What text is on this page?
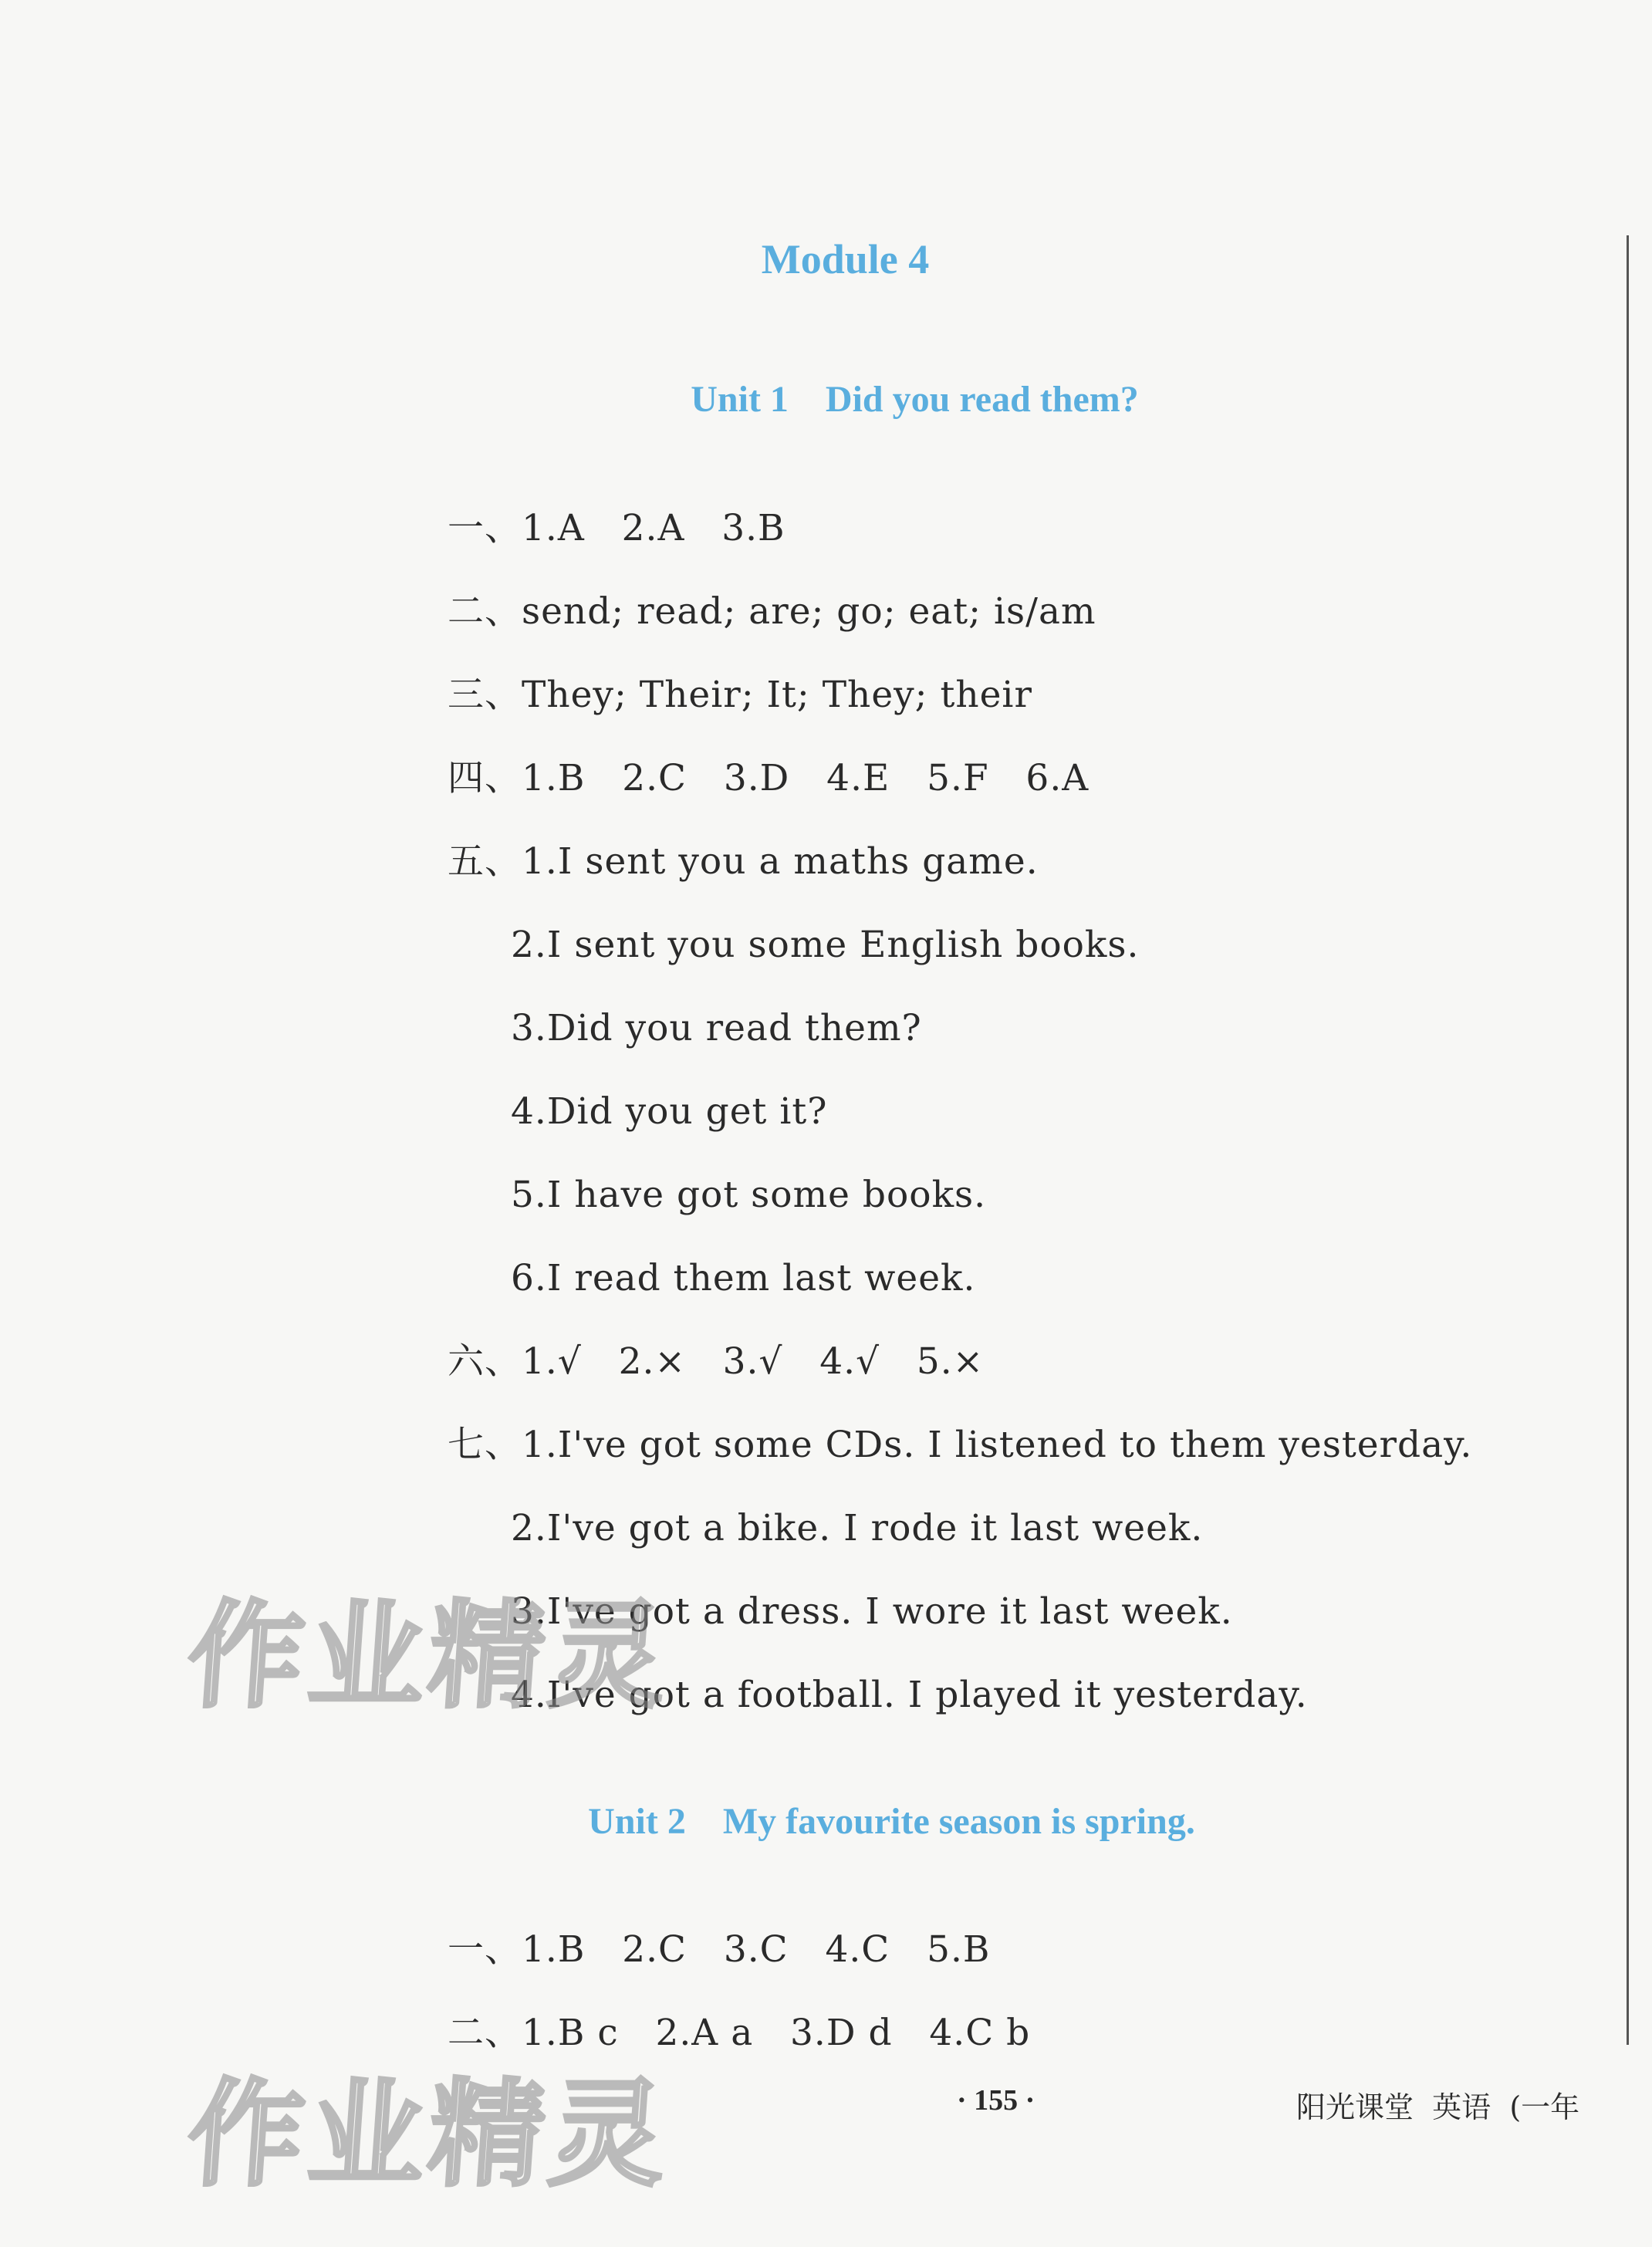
Module 4
Unit 1    Did you read them?
一、1.A   2.A   3.B
二、send; read; are; go; eat; is/am
三、They; Their; It; They; their
四、1.B   2.C   3.D   4.E   5.F   6.A
五、1.I sent you a maths game.
2.I sent you some English books.
3.Did you read them?
4.Did you get it?
5.I have got some books.
6.I read them last week.
六、1.√   2.×   3.√   4.√   5.×
七、1.I've got some CDs. I listened to them yesterday.
2.I've got a bike. I rode it last week.
3.I've got a dress. I wore it last week.
4.I've got a football. I played it yesterday.
Unit 2    My favourite season is spring.
一、1.B   2.C   3.C   4.C   5.B
二、1.B c   2.A a   3.D d   4.C b
· 155 ·	阳光课堂  英语  (一年
作业精灵
作业精灵
